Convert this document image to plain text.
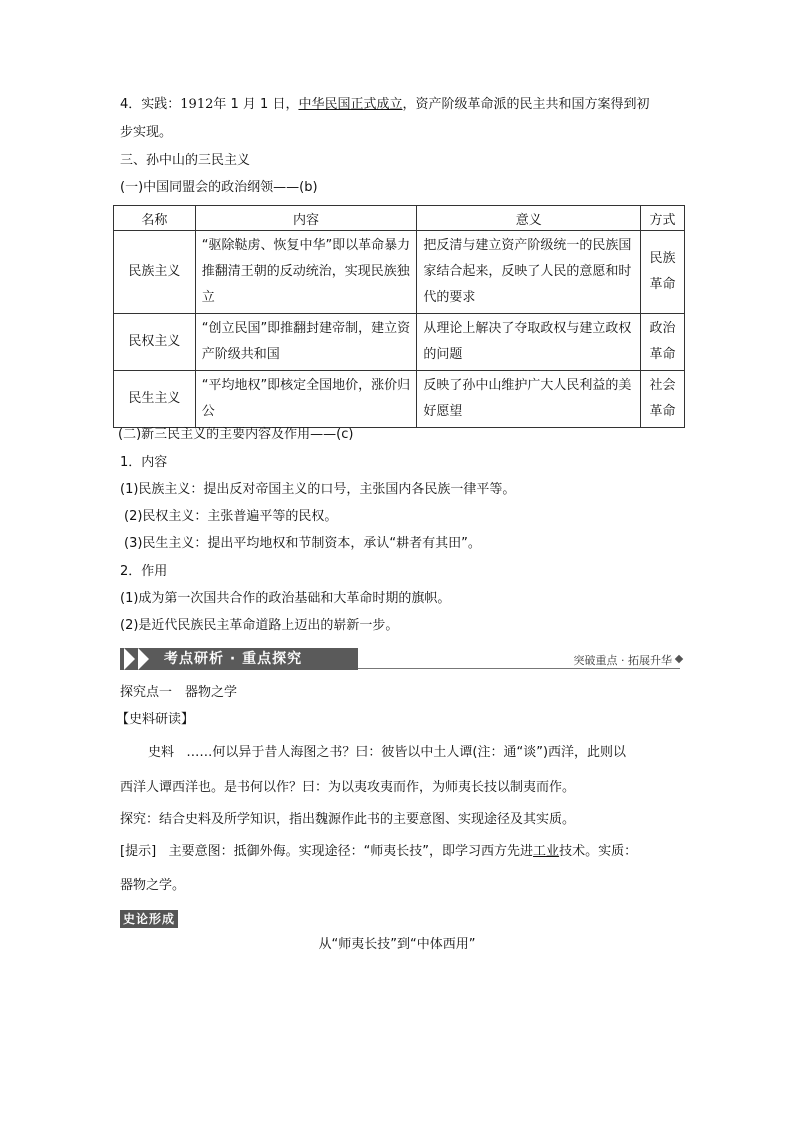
4．实践：1912年 1 月 1 日，中华民国正式成立，资产阶级革命派的民主共和国方案得到初
步实现。
三、孙中山的三民主义
(一)中国同盟会的政治纲领——(b)
名称	内容	意义	方式
民族主义	“驱除鞑虏、恢复中华”即以革命暴力推翻清王朝的反动统治，实现民族独立	把反清与建立资产阶级统一的民族国家结合起来，反映了人民的意愿和时代的要求	民族革命
民权主义	“创立民国”即推翻封建帝制，建立资产阶级共和国	从理论上解决了夺取政权与建立政权的问题	政治革命
民生主义	“平均地权”即核定全国地价，涨价归公	反映了孙中山维护广大人民利益的美好愿望	社会革命
(二)新三民主义的主要内容及作用——(c)
1．内容
(1)民族主义：提出反对帝国主义的口号，主张国内各民族一律平等。
(2)民权主义：主张普遍平等的民权。
(3)民生主义：提出平均地权和节制资本，承认“耕者有其田”。
2．作用
(1)成为第一次国共合作的政治基础和大革命时期的旗帜。
(2)是近代民族民主革命道路上迈出的崭新一步。
考点研析 · 重点探究	突破重点 · 拓展升华
探究点一　器物之学
【史料研读】
史料 ……何以异于昔人海图之书？曰：彼皆以中土人谭(注：通“谈”)西洋，此则以
西洋人谭西洋也。是书何以作？曰：为以夷攻夷而作，为师夷长技以制夷而作。
探究：结合史料及所学知识，指出魏源作此书的主要意图、实现途径及其实质。
[提示] 主要意图：抵御外侮。实现途径：“师夷长技”，即学习西方先进工业技术。实质：
器物之学。
史论形成
从“师夷长技”到“中体西用”
